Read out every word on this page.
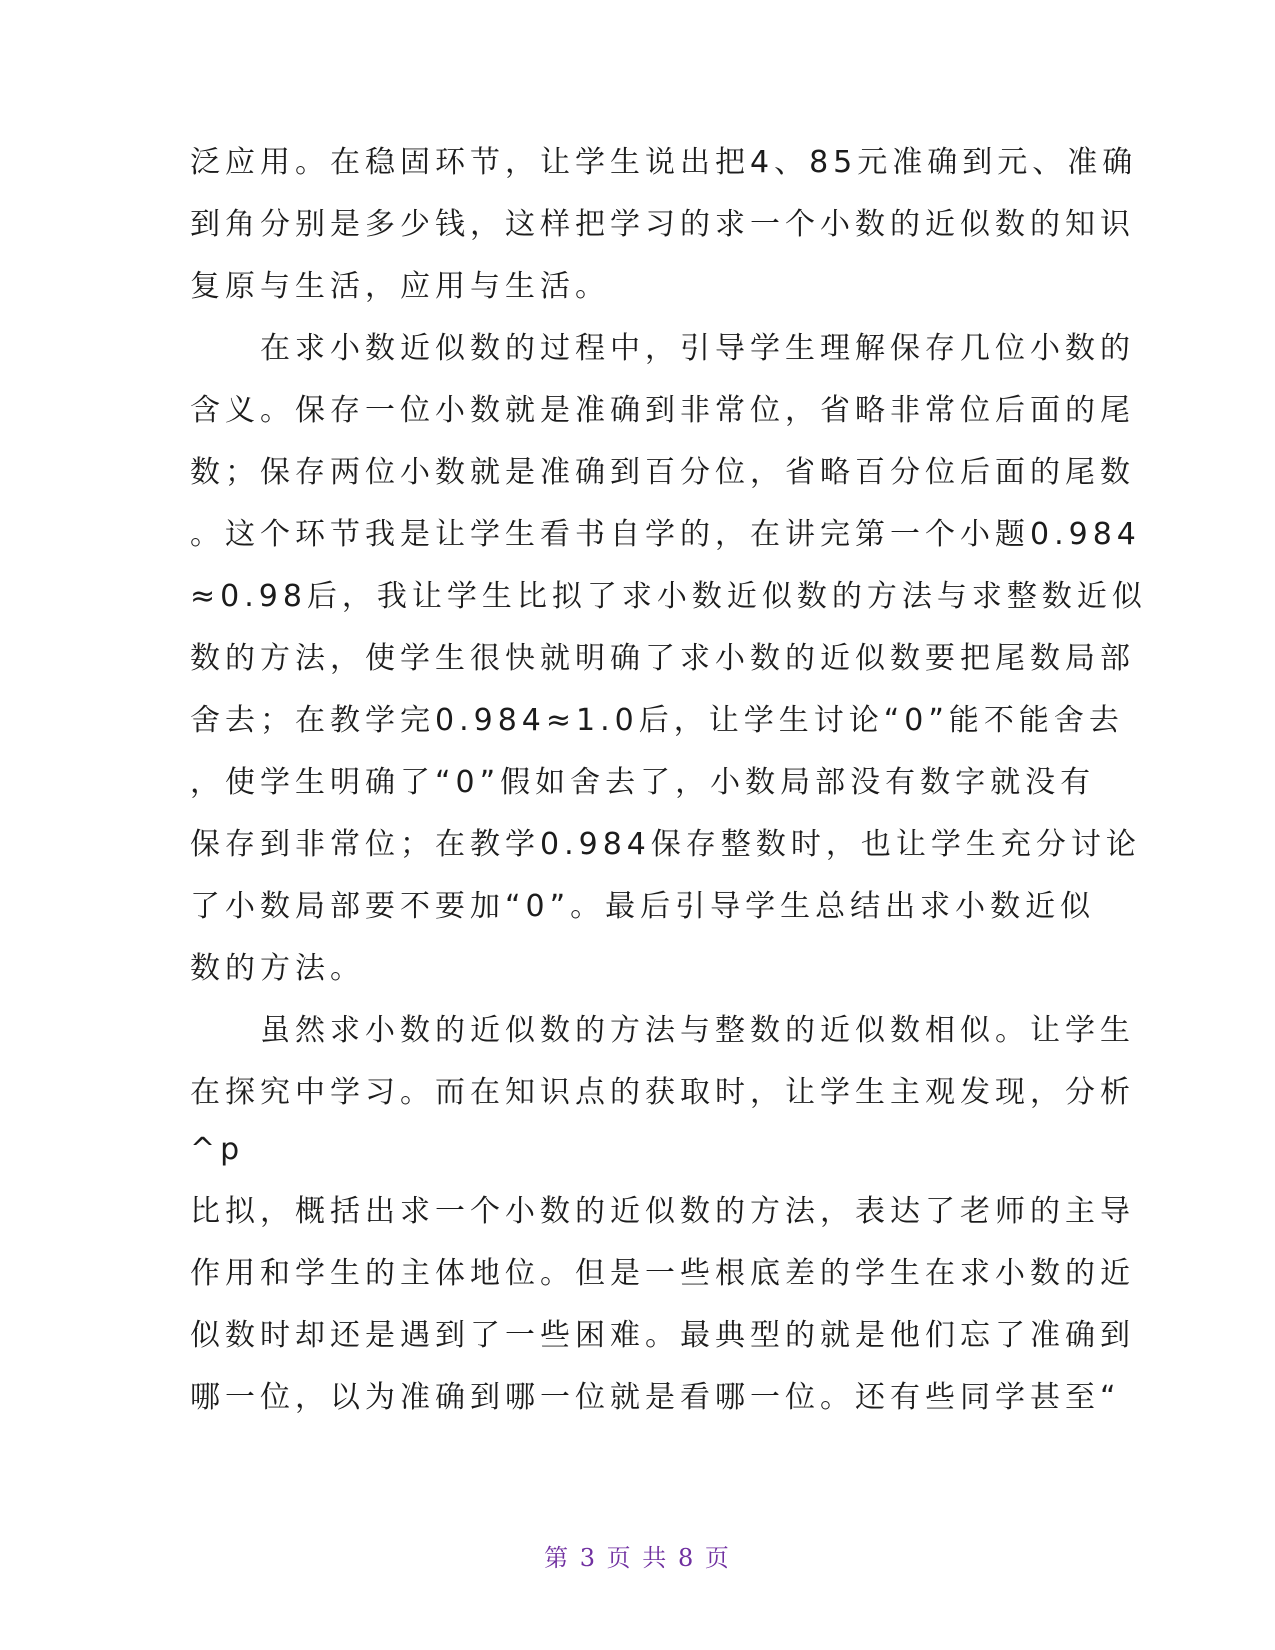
泛应用。在稳固环节，让学生说出把4、85元准确到元、准确
到角分别是多少钱，这样把学习的求一个小数的近似数的知识
复原与生活，应用与生活。
　　在求小数近似数的过程中，引导学生理解保存几位小数的
含义。保存一位小数就是准确到非常位，省略非常位后面的尾
数；保存两位小数就是准确到百分位，省略百分位后面的尾数
。这个环节我是让学生看书自学的，在讲完第一个小题0.984
≈0.98后，我让学生比拟了求小数近似数的方法与求整数近似
数的方法，使学生很快就明确了求小数的近似数要把尾数局部
舍去；在教学完0.984≈1.0后，让学生讨论“0”能不能舍去
，使学生明确了“0”假如舍去了，小数局部没有数字就没有
保存到非常位；在教学0.984保存整数时，也让学生充分讨论
了小数局部要不要加“0”。最后引导学生总结出求小数近似
数的方法。
　　虽然求小数的近似数的方法与整数的近似数相似。让学生
在探究中学习。而在知识点的获取时，让学生主观发现，分析
^p
比拟，概括出求一个小数的近似数的方法，表达了老师的主导
作用和学生的主体地位。但是一些根底差的学生在求小数的近
似数时却还是遇到了一些困难。最典型的就是他们忘了准确到
哪一位，以为准确到哪一位就是看哪一位。还有些同学甚至“
第 3 页 共 8 页
